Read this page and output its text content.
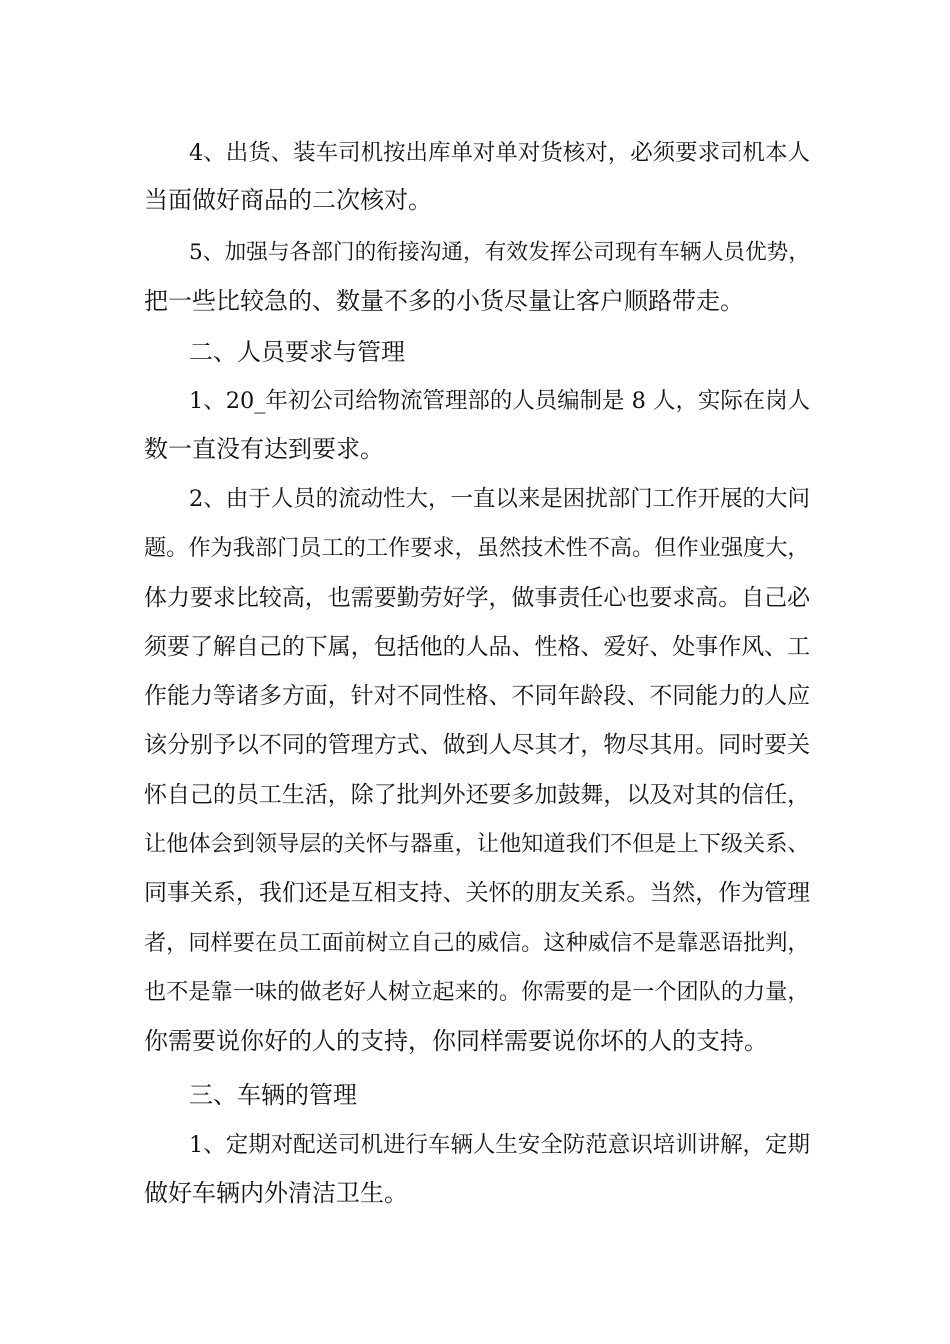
4、出货、装车司机按出库单对单对货核对，必须要求司机本人
当面做好商品的二次核对。
5、加强与各部门的衔接沟通，有效发挥公司现有车辆人员优势，
把一些比较急的、数量不多的小货尽量让客户顺路带走。
二、人员要求与管理
1、20_年初公司给物流管理部的人员编制是 8 人，实际在岗人
数一直没有达到要求。
2、由于人员的流动性大，一直以来是困扰部门工作开展的大问
题。作为我部门员工的工作要求，虽然技术性不高。但作业强度大，
体力要求比较高，也需要勤劳好学，做事责任心也要求高。自己必
须要了解自己的下属，包括他的人品、性格、爱好、处事作风、工
作能力等诸多方面，针对不同性格、不同年龄段、不同能力的人应
该分别予以不同的管理方式、做到人尽其才，物尽其用。同时要关
怀自己的员工生活，除了批判外还要多加鼓舞，以及对其的信任，
让他体会到领导层的关怀与器重，让他知道我们不但是上下级关系、
同事关系，我们还是互相支持、关怀的朋友关系。当然，作为管理
者，同样要在员工面前树立自己的威信。这种威信不是靠恶语批判，
也不是靠一味的做老好人树立起来的。你需要的是一个团队的力量，
你需要说你好的人的支持，你同样需要说你坏的人的支持。
三、车辆的管理
1、定期对配送司机进行车辆人生安全防范意识培训讲解，定期
做好车辆内外清洁卫生。
